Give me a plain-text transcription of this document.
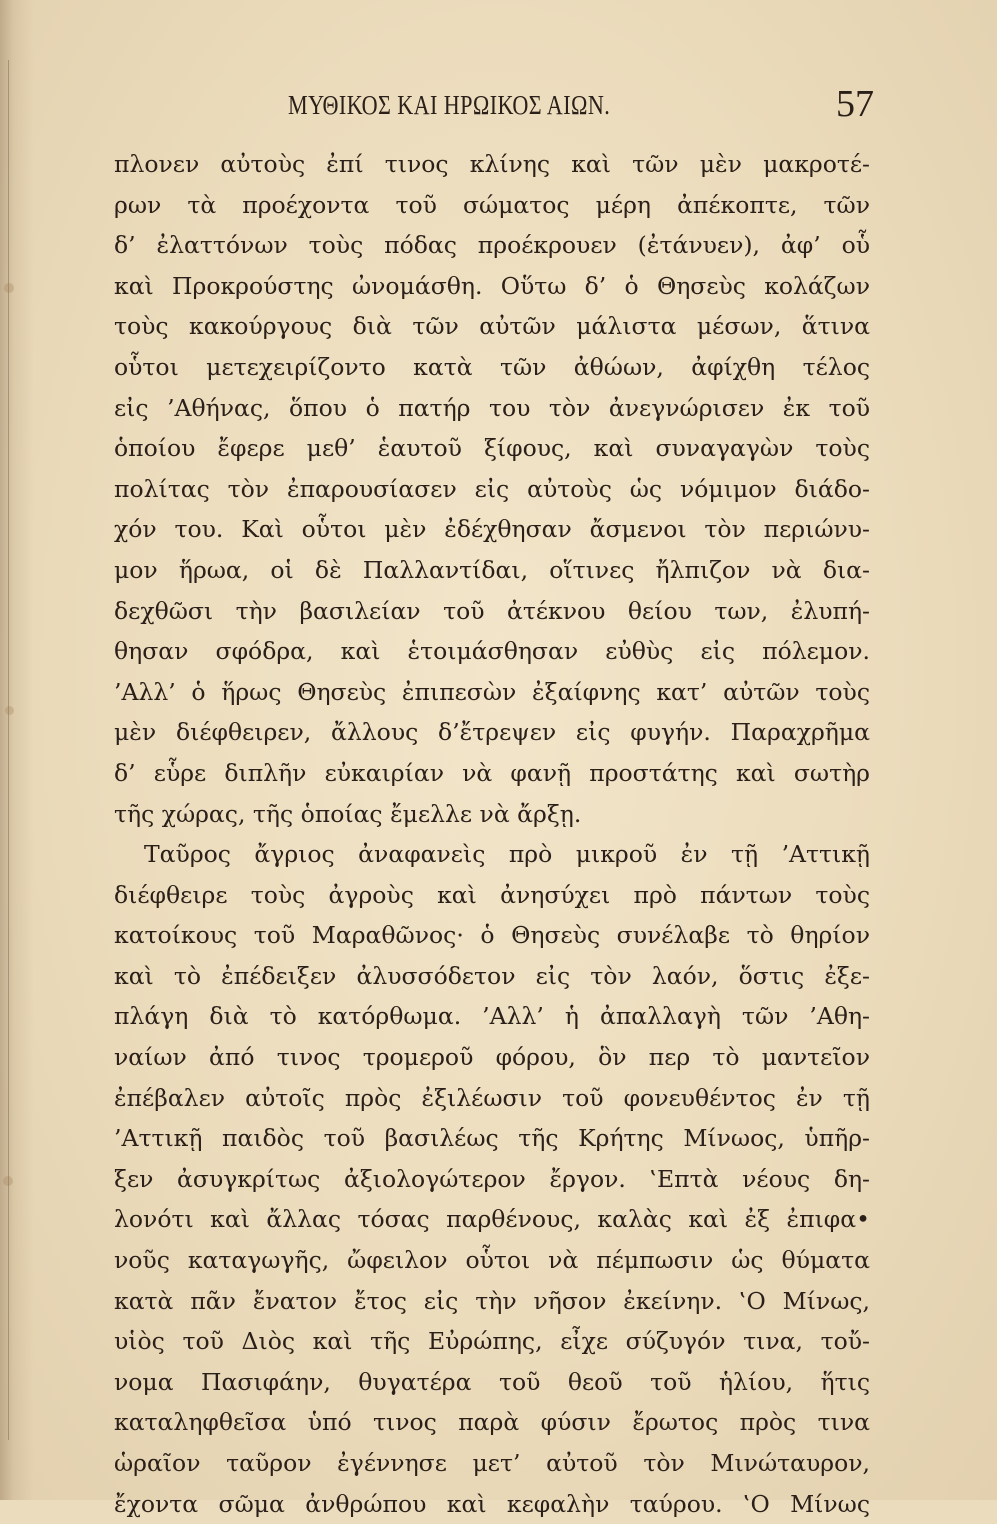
ΜΥΘΙΚΟΣ ΚΑΙ ΗΡΩΙΚΟΣ ΑΙΩΝ.	57
πλονεν αὐτοὺς ἐπί τινος κλίνης καὶ τῶν μὲν μακροτέ-
ρων τὰ προέχοντα τοῦ σώματος μέρη ἀπέκοπτε, τῶν
δ’ ἐλαττόνων τοὺς πόδας προέκρουεν (ἐτάνυεν), ἀφ’ οὗ
καὶ Προκρούστης ὠνομάσθη. Οὕτω δ’ ὁ Θησεὺς κολάζων
τοὺς κακούργους διὰ τῶν αὐτῶν μάλιστα μέσων, ἅτινα
οὗτοι μετεχειρίζοντο κατὰ τῶν ἀθώων, ἀφίχθη τέλος
εἰς ’Αθήνας, ὅπου ὁ πατήρ του τὸν ἀνεγνώρισεν ἐκ τοῦ
ὁποίου ἔφερε μεθ’ ἑαυτοῦ ξίφους, καὶ συναγαγὼν τοὺς
πολίτας τὸν ἐπαρουσίασεν εἰς αὐτοὺς ὡς νόμιμον διάδο-
χόν του. Καὶ οὗτοι μὲν ἐδέχθησαν ἄσμενοι τὸν περιώνυ-
μον ἥρωα, οἱ δὲ Παλλαντίδαι, οἵτινες ἤλπιζον νὰ δια-
δεχθῶσι τὴν βασιλείαν τοῦ ἀτέκνου θείου των, ἐλυπή-
θησαν σφόδρα, καὶ ἑτοιμάσθησαν εὐθὺς εἰς πόλεμον.
’Αλλ’ ὁ ἥρως Θησεὺς ἐπιπεσὼν ἐξαίφνης κατ’ αὐτῶν τοὺς
μὲν διέφθειρεν, ἄλλους δ’ἔτρεψεν εἰς φυγήν. Παραχρῆμα
δ’ εὗρε διπλῆν εὐκαιρίαν νὰ φανῇ προστάτης καὶ σωτὴρ
τῆς χώρας, τῆς ὁποίας ἔμελλε νὰ ἄρξῃ.
Ταῦρος ἄγριος ἀναφανεὶς πρὸ μικροῦ ἐν τῇ ’Αττικῇ
διέφθειρε τοὺς ἀγροὺς καὶ ἀνησύχει πρὸ πάντων τοὺς
κατοίκους τοῦ Μαραθῶνος· ὁ Θησεὺς συνέλαβε τὸ θηρίον
καὶ τὸ ἐπέδειξεν ἀλυσσόδετον εἰς τὸν λαόν, ὅστις ἐξε-
πλάγη διὰ τὸ κατόρθωμα. ’Αλλ’ ἡ ἀπαλλαγὴ τῶν ’Αθη-
ναίων ἀπό τινος τρομεροῦ φόρου, ὃν περ τὸ μαντεῖον
ἐπέβαλεν αὐτοῖς πρὸς ἐξιλέωσιν τοῦ φονευθέντος ἐν τῇ
’Αττικῇ παιδὸς τοῦ βασιλέως τῆς Κρήτης Μίνωος, ὑπῆρ-
ξεν ἀσυγκρίτως ἀξιολογώτερον ἔργον. ‛Επτὰ νέους δη-
λονότι καὶ ἄλλας τόσας παρθένους, καλὰς καὶ ἐξ ἐπιφα•
νοῦς καταγωγῆς, ὤφειλον οὗτοι νὰ πέμπωσιν ὡς θύματα
κατὰ πᾶν ἔνατον ἔτος εἰς τὴν νῆσον ἐκείνην. ‛Ο Μίνως,
υἱὸς τοῦ Διὸς καὶ τῆς Εὐρώπης, εἶχε σύζυγόν τινα, τοὔ-
νομα Πασιφάην, θυγατέρα τοῦ θεοῦ τοῦ ἡλίου, ἥτις
καταληφθεῖσα ὑπό τινος παρὰ φύσιν ἔρωτος πρὸς τινα
ὡραῖον ταῦρον ἐγέννησε μετ’ αὐτοῦ τὸν Μινώταυρον,
ἔχοντα σῶμα ἀνθρώπου καὶ κεφαλὴν ταύρου. ‛Ο Μίνως
